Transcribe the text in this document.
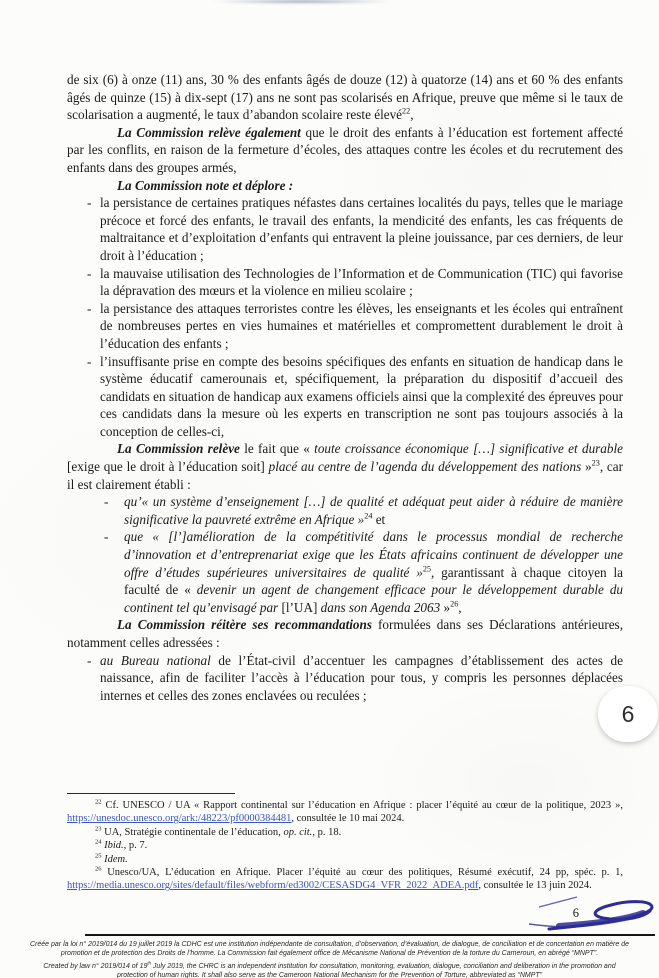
de six (6) à onze (11) ans, 30 % des enfants âgés de douze (12) à quatorze (14) ans et 60 % des enfants âgés de quinze (15) à dix-sept (17) ans ne sont pas scolarisés en Afrique, preuve que même si le taux de scolarisation a augmenté, le taux d’abandon scolaire reste élevé$^{22}$,

La Commission relève également que le droit des enfants à l’éducation est fortement affecté par les conflits, en raison de la fermeture d’écoles, des attaques contre les écoles et du recrutement des enfants dans des groupes armés,

La Commission note et déplore :

- la persistance de certaines pratiques néfastes dans certaines localités du pays, telles que le mariage précoce et forcé des enfants, le travail des enfants, la mendicité des enfants, les cas fréquents de maltraitance et d’exploitation d’enfants qui entravent la pleine jouissance, par ces derniers, de leur droit à l’éducation ;
- la mauvaise utilisation des Technologies de l’Information et de Communication (TIC) qui favorise la dépravation des mœurs et la violence en milieu scolaire ;
- la persistance des attaques terroristes contre les élèves, les enseignants et les écoles qui entraînent de nombreuses pertes en vies humaines et matérielles et compromettent durablement le droit à l’éducation des enfants ;
- l’insuffisante prise en compte des besoins spécifiques des enfants en situation de handicap dans le système éducatif camerounais et, spécifiquement, la préparation du dispositif d’accueil des candidats en situation de handicap aux examens officiels ainsi que la complexité des épreuves pour ces candidats dans la mesure où les experts en transcription ne sont pas toujours associés à la conception de celles-ci,

La Commission relève le fait que « toute croissance économique […] significative et durable [exige que le droit à l’éducation soit] placé au centre de l’agenda du développement des nations »$^{23}$, car il est clairement établi :

- qu’« un système d’enseignement […] de qualité et adéquat peut aider à réduire de manière significative la pauvreté extrême en Afrique »$^{24}$ et
- que « [l’]amélioration de la compétitivité dans le processus mondial de recherche d’innovation et d’entreprenariat exige que les États africains continuent de développer une offre d’études supérieures universitaires de qualité »$^{25}$, garantissant à chaque citoyen la faculté de « devenir un agent de changement efficace pour le développement durable du continent tel qu’envisagé par [l’UA] dans son Agenda 2063 »$^{26}$,

La Commission réitère ses recommandations formulées dans ses Déclarations antérieures, notamment celles adressées :

- au Bureau national de l’État-civil d’accentuer les campagnes d’établissement des actes de naissance, afin de faciliter l’accès à l’éducation pour tous, y compris les personnes déplacées internes et celles des zones enclavées ou reculées ;

$^{22}$ Cf. UNESCO / UA « Rapport continental sur l’éducation en Afrique : placer l’équité au cœur de la politique, 2023 », https://unesdoc.unesco.org/ark:/48223/pf0000384481, consultée le 10 mai 2024.

$^{23}$ UA, Stratégie continentale de l’éducation, op. cit., p. 18.

$^{24}$ Ibid., p. 7.

$^{25}$ Idem.

$^{26}$ Unesco/UA, L’éducation en Afrique. Placer l’équité au cœur des politiques, Résumé exécutif, 24 pp, spéc. p. 1, https://media.unesco.org/sites/default/files/webform/ed3002/CESASDG4_VFR_2022_ADEA.pdf, consultée le 13 juin 2024.

6

Créée par la loi n° 2019/014 du 19 juillet 2019 la CDHC est une institution indépendante de consultation, d’observation, d’évaluation, de dialogue, de conciliation et de concertation en matière de promotion et de protection des Droits de l’homme. La Commission fait également office de Mécanisme National de Prévention de la torture du Cameroun, en abrégé “MNPT”.

Created by law n° 2019/014 of 19th July 2019, the CHRC is an independent institution for consultation, monitoring, evaluation, dialogue, conciliation and deliberation in the promotion and protection of human rights. It shall also serve as the Cameroon National Mechanism for the Prevention of Torture, abbreviated as “NMPT”

6
